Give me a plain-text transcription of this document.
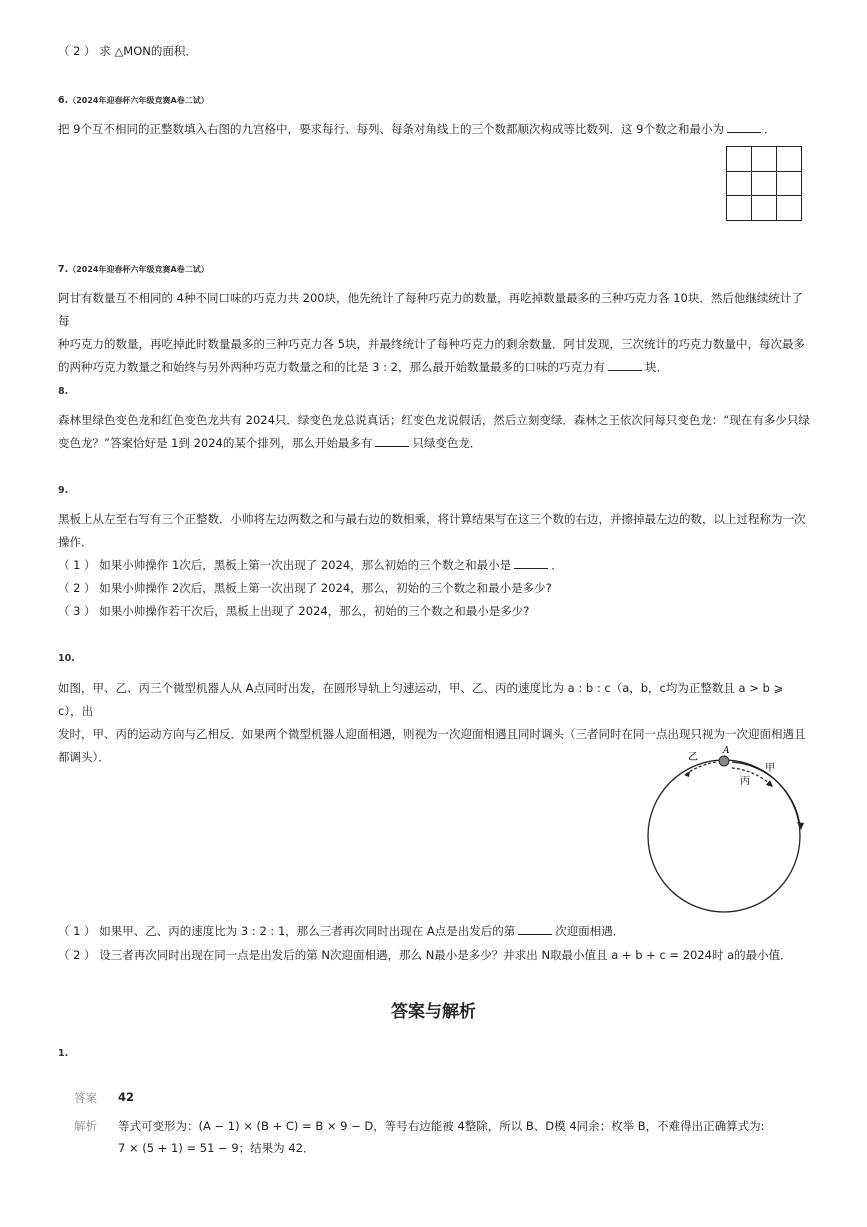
（ 2 ） 求 △MON的面积．
6.（2024年迎春杯六年级竞赛A卷二试）
把 9个互不相同的正整数填入右图的九宫格中，要求每行、每列、每条对角线上的三个数都顺次构成等比数列．这 9个数之和最小为	．

7.（2024年迎春杯六年级竞赛A卷二试）
阿甘有数量互不相同的 4种不同口味的巧克力共 200块，他先统计了每种巧克力的数量，再吃掉数量最多的三种巧克力各 10块．然后他继续统计了每
种巧克力的数量，再吃掉此时数量最多的三种巧克力各 5块，并最终统计了每种巧克力的剩余数量．阿甘发现，三次统计的巧克力数量中，每次最多
的两种巧克力数量之和始终与另外两种巧克力数量之和的比是 3 : 2，那么最开始数量最多的口味的巧克力有	块．
8.
森林里绿色变色龙和红色变色龙共有 2024只．绿变色龙总说真话；红变色龙说假话，然后立刻变绿．森林之王依次问每只变色龙：“现在有多少只绿
变色龙？”答案恰好是 1到 2024的某个排列，那么开始最多有	只绿变色龙．
9.
黑板上从左至右写有三个正整数．小帅将左边两数之和与最右边的数相乘，将计算结果写在这三个数的右边，并擦掉最左边的数，以上过程称为一次
操作．
（ 1 ） 如果小帅操作 1次后，黑板上第一次出现了 2024，那么初始的三个数之和最小是	．
（ 2 ） 如果小帅操作 2次后，黑板上第一次出现了 2024，那么，初始的三个数之和最小是多少?
（ 3 ） 如果小帅操作若干次后，黑板上出现了 2024，那么，初始的三个数之和最小是多少?
10.
如图，甲、乙、丙三个微型机器人从 A点同时出发，在圆形导轨上匀速运动，甲、乙、丙的速度比为 a : b : c（a，b，c均为正整数且 a > b ⩾ c），出
发时，甲、丙的运动方向与乙相反．如果两个微型机器人迎面相遇，则视为一次迎面相遇且同时调头（三者同时在同一点出现只视为一次迎面相遇且
都调头）．	A
乙
甲
丙
（ 1 ） 如果甲、乙、丙的速度比为 3 : 2 : 1，那么三者再次同时出现在 A点是出发后的第	次迎面相遇．
（ 2 ） 设三者再次同时出现在同一点是出发后的第 N次迎面相遇，那么 N最小是多少？并求出 N取最小值且 a + b + c = 2024时 a的最小值．
答案与解析
1.
答案 42
解析 等式可变形为：(A − 1) × (B + C) = B × 9 − D，等号右边能被 4整除，所以 B、D模 4同余；枚举 B，不难得出正确算式为:
7 × (5 + 1) = 51 − 9；结果为 42．
